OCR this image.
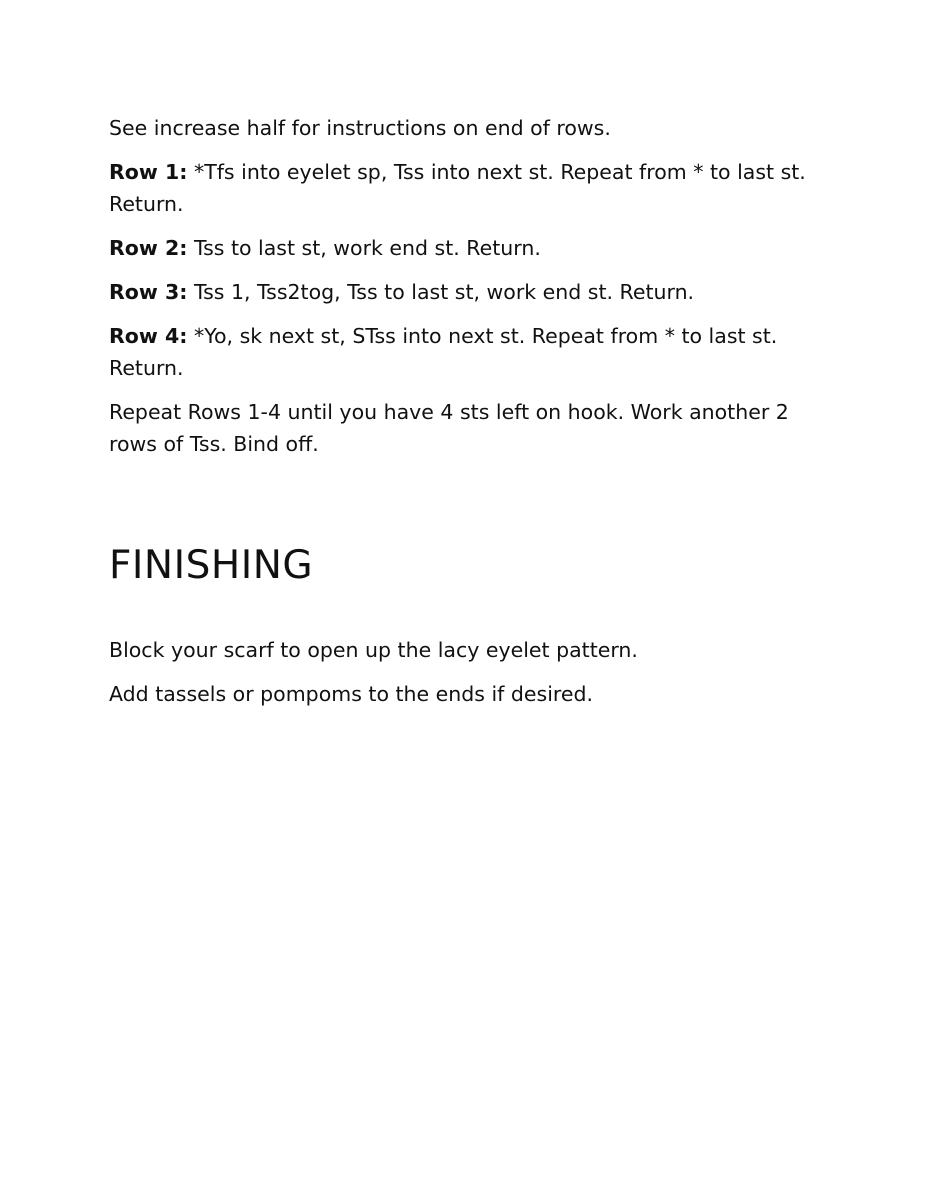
See increase half for instructions on end of rows.

Row 1: *Tfs into eyelet sp, Tss into next st. Repeat from * to last st. Return.

Row 2: Tss to last st, work end st. Return.

Row 3: Tss 1, Tss2tog, Tss to last st, work end st. Return.

Row 4: *Yo, sk next st, STss into next st. Repeat from * to last st. Return.

Repeat Rows 1-4 until you have 4 sts left on hook. Work another 2 rows of Tss. Bind off.

FINISHING

Block your scarf to open up the lacy eyelet pattern.

Add tassels or pompoms to the ends if desired.
